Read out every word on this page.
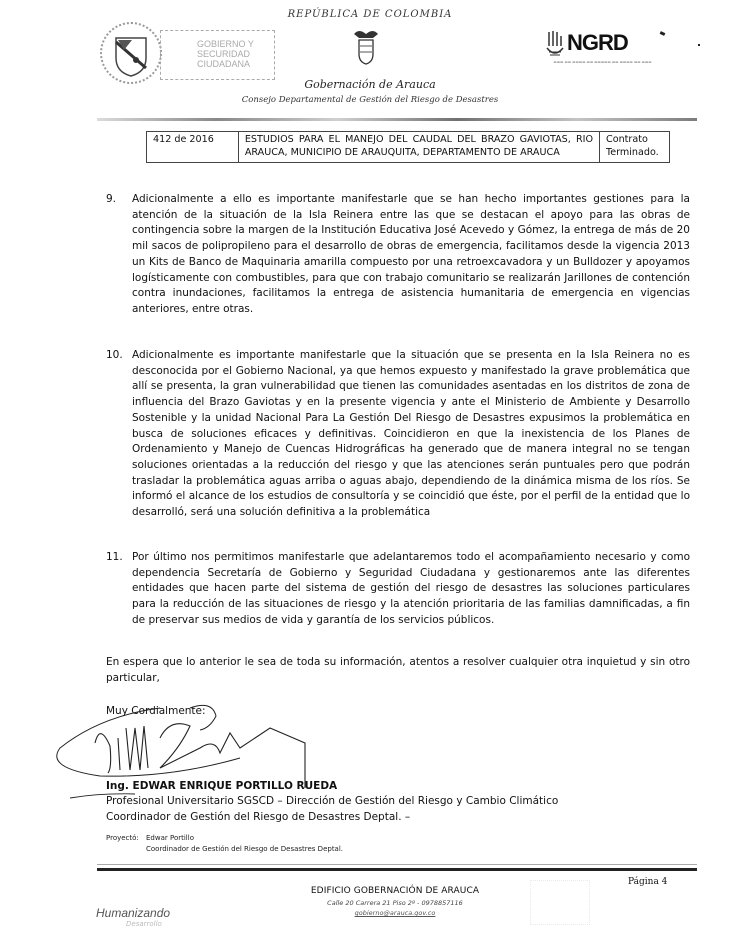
GOBIERNO Y
SECURIDAD
CIUDADANA
REPÚBLICA DE COLOMBIA
Gobernación de Arauca
Consejo Departamental de Gestión del Riesgo de Desastres
NGRD
▬▬▬ ▬▬ ▬▬▬▬ ▬▬ ▬▬▬▬▬ ▬▬ ▬▬▬▬ ▬▬ ▬▬▬
412 de 2016	ESTUDIOS PARA EL MANEJO DEL CAUDAL DEL BRAZO GAVIOTAS, RIO ARAUCA, MUNICIPIO DE ARAUQUITA, DEPARTAMENTO DE ARAUCA	Contrato Terminado.
9. Adicionalmente a ello es importante manifestarle que se han hecho importantes gestiones para la atención de la situación de la Isla Reinera entre las que se destacan el apoyo para las obras de contingencia sobre la margen de la Institución Educativa José Acevedo y Gómez, la entrega de más de 20 mil sacos de polipropileno para el desarrollo de obras de emergencia, facilitamos desde la vigencia 2013 un Kits de Banco de Maquinaria amarilla compuesto por una retroexcavadora y un Bulldozer y apoyamos logísticamente con combustibles, para que con trabajo comunitario se realizarán Jarillones de contención contra inundaciones, facilitamos la entrega de asistencia humanitaria de emergencia en vigencias anteriores, entre otras.
10. Adicionalmente es importante manifestarle que la situación que se presenta en la Isla Reinera no es desconocida por el Gobierno Nacional, ya que hemos expuesto y manifestado la grave problemática que allí se presenta, la gran vulnerabilidad que tienen las comunidades asentadas en los distritos de zona de influencia del Brazo Gaviotas y en la presente vigencia y ante el Ministerio de Ambiente y Desarrollo Sostenible y la unidad Nacional Para La Gestión Del Riesgo de Desastres expusimos la problemática en busca de soluciones eficaces y definitivas. Coincidieron en que la inexistencia de los Planes de Ordenamiento y Manejo de Cuencas Hidrográficas ha generado que de manera integral no se tengan soluciones orientadas a la reducción del riesgo y que las atenciones serán puntuales pero que podrán trasladar la problemática aguas arriba o aguas abajo, dependiendo de la dinámica misma de los ríos. Se informó el alcance de los estudios de consultoría y se coincidió que éste, por el perfil de la entidad que lo desarrolló, será una solución definitiva a la problemática
11. Por último nos permitimos manifestarle que adelantaremos todo el acompañamiento necesario y como dependencia Secretaría de Gobierno y Seguridad Ciudadana y gestionaremos ante las diferentes entidades que hacen parte del sistema de gestión del riesgo de desastres las soluciones particulares para la reducción de las situaciones de riesgo y la atención prioritaria de las familias damnificadas, a fin de preservar sus medios de vida y garantía de los servicios públicos.
En espera que lo anterior le sea de toda su información, atentos a resolver cualquier otra inquietud y sin otro particular,
Muy Cordialmente:
Ing. EDWAR ENRIQUE PORTILLO RUEDA
Profesional Universitario SGSCD – Dirección de Gestión del Riesgo y Cambio Climático
Coordinador de Gestión del Riesgo de Desastres Deptal. –
Proyectó: Edwar Portillo
Coordinador de Gestión del Riesgo de Desastres Deptal.
Página 4
EDIFICIO GOBERNACIÓN DE ARAUCA
Calle 20 Carrera 21 Piso 2º - 0978857116
gobierno@arauca.gov.co
Humanizando
Desarrollo
